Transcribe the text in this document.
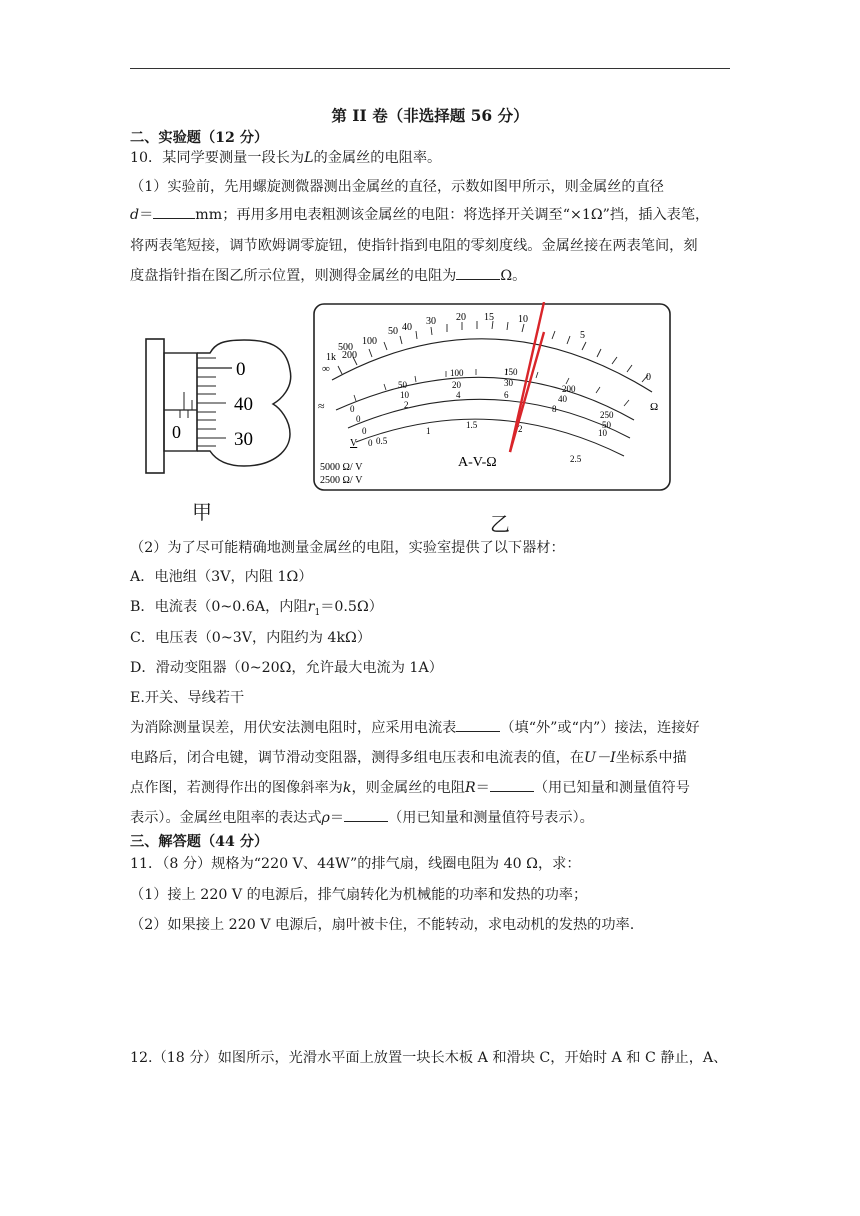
第 II 卷（非选择题 56 分）
二、实验题（12 分）
10．某同学要测量一段长为L的金属丝的电阻率。
（1）实验前，先用螺旋测微器测出金属丝的直径，示数如图甲所示，则金属丝的直径
d＝	mm；再用多用电表粗测该金属丝的电阻：将选择开关调至“×1Ω”挡，插入表笔，
将两表笔短接，调节欧姆调零旋钮，使指针指到电阻的零刻度线。金属丝接在两表笔间，刻
度盘指针指在图乙所示位置，则测得金属丝的电阻为	Ω。
0
0
40
30
甲
∞
1k
500
200
100
50 40
30 20 15 10
5
0
≈	0
100	150
200
250
50
0
10
20	30
40
50
0
2
4	6
8
10
0 0.5
1
1.5	2
2.5
V
Ω
A-V-Ω
5000 Ω/ V
2500 Ω/ V
乙
（2）为了尽可能精确地测量金属丝的电阻，实验室提供了以下器材：
A．电池组（3V，内阻 1Ω）
B．电流表（0~0.6A，内阻$r_1=0.5\Omega$）
C．电压表（0~3V，内阻约为 4kΩ）
D．滑动变阻器（0~20Ω，允许最大电流为 1A）
E.开关、导线若干
为消除测量误差，用伏安法测电阻时，应采用电流表	（填“外”或“内”）接法，连接好
电路后，闭合电键，调节滑动变阻器，测得多组电压表和电流表的值，在U－I坐标系中描
点作图，若测得作出的图像斜率为k，则金属丝的电阻R＝	（用已知量和测量值符号
表示）。金属丝电阻率的表达式ρ＝	（用已知量和测量值符号表示）。
三、解答题（44 分）
11．（8 分）规格为“220 V、44W”的排气扇，线圈电阻为 40 Ω，求：
（1）接上 220 V 的电源后，排气扇转化为机械能的功率和发热的功率；
（2）如果接上 220 V 电源后，扇叶被卡住，不能转动，求电动机的发热的功率.
12.（18 分）如图所示，光滑水平面上放置一块长木板 A 和滑块 C，开始时 A 和 C 静止，A、
